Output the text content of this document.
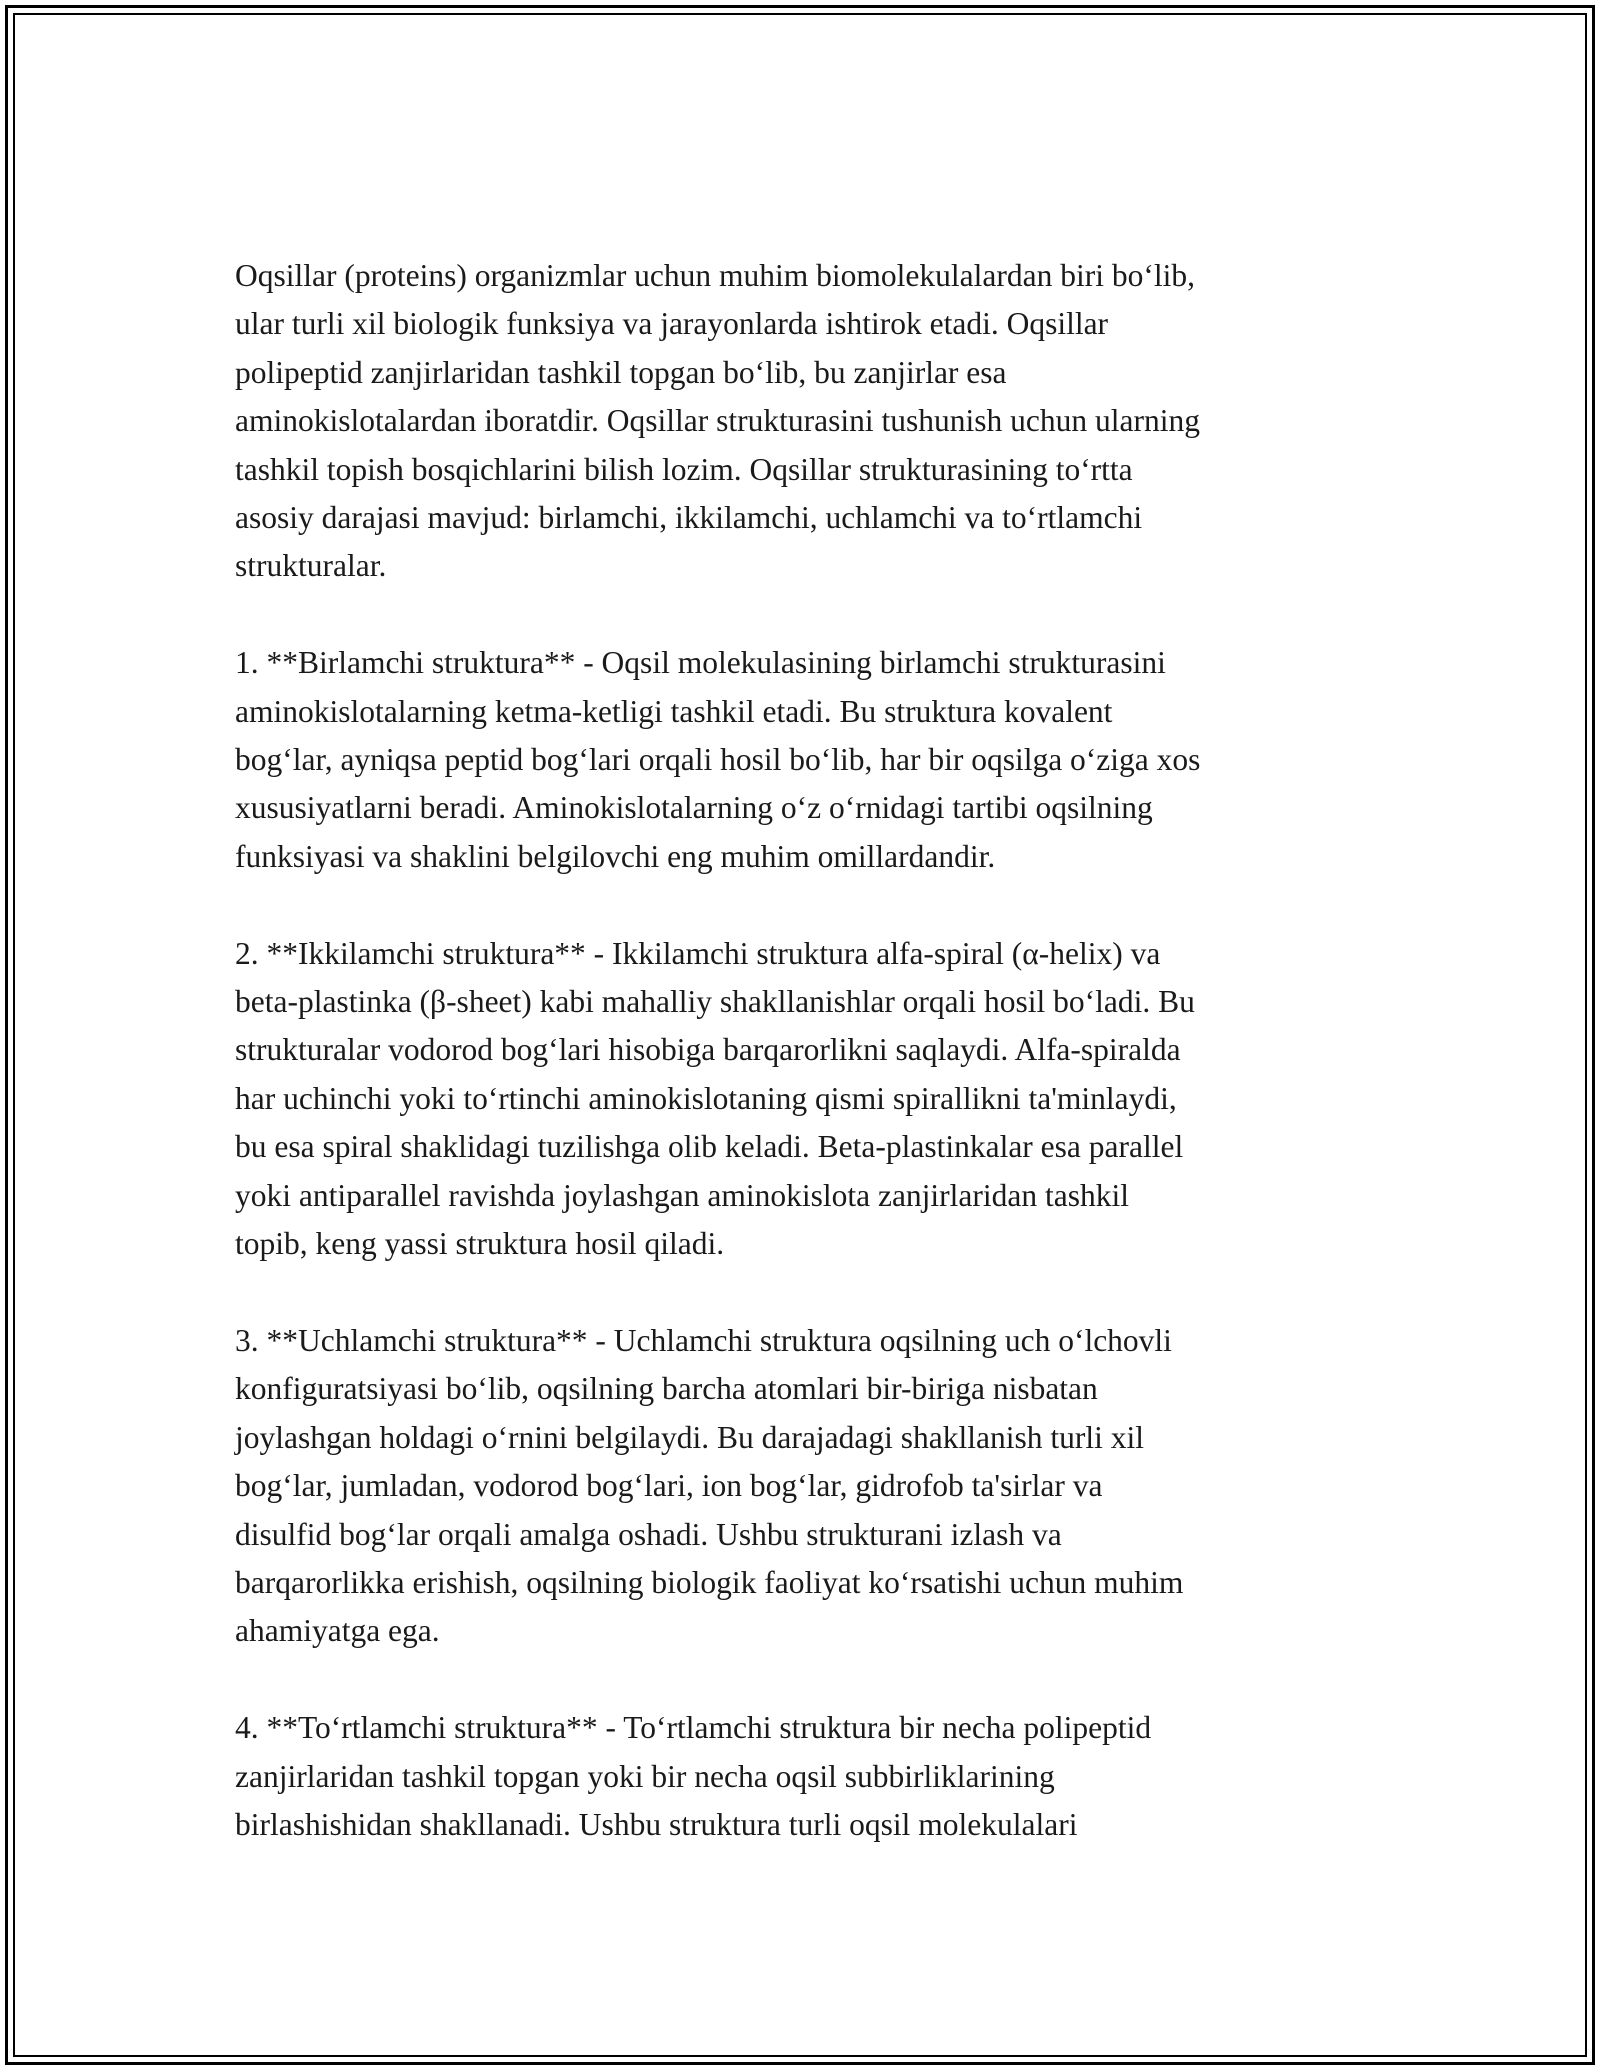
Oqsillar (proteins) organizmlar uchun muhim biomolekulalardan biri bo‘lib,
ular turli xil biologik funksiya va jarayonlarda ishtirok etadi. Oqsillar
polipeptid zanjirlaridan tashkil topgan bo‘lib, bu zanjirlar esa
aminokislotalardan iboratdir. Oqsillar strukturasini tushunish uchun ularning
tashkil topish bosqichlarini bilish lozim. Oqsillar strukturasining to‘rtta
asosiy darajasi mavjud: birlamchi, ikkilamchi, uchlamchi va to‘rtlamchi
strukturalar.
1. **Birlamchi struktura** - Oqsil molekulasining birlamchi strukturasini
aminokislotalarning ketma-ketligi tashkil etadi. Bu struktura kovalent
bog‘lar, ayniqsa peptid bog‘lari orqali hosil bo‘lib, har bir oqsilga o‘ziga xos
xususiyatlarni beradi. Aminokislotalarning o‘z o‘rnidagi tartibi oqsilning
funksiyasi va shaklini belgilovchi eng muhim omillardandir.
2. **Ikkilamchi struktura** - Ikkilamchi struktura alfa-spiral (α-helix) va
beta-plastinka (β-sheet) kabi mahalliy shakllanishlar orqali hosil bo‘ladi. Bu
strukturalar vodorod bog‘lari hisobiga barqarorlikni saqlaydi. Alfa-spiralda
har uchinchi yoki to‘rtinchi aminokislotaning qismi spirallikni ta'minlaydi,
bu esa spiral shaklidagi tuzilishga olib keladi. Beta-plastinkalar esa parallel
yoki antiparallel ravishda joylashgan aminokislota zanjirlaridan tashkil
topib, keng yassi struktura hosil qiladi.
3. **Uchlamchi struktura** - Uchlamchi struktura oqsilning uch o‘lchovli
konfiguratsiyasi bo‘lib, oqsilning barcha atomlari bir-biriga nisbatan
joylashgan holdagi o‘rnini belgilaydi. Bu darajadagi shakllanish turli xil
bog‘lar, jumladan, vodorod bog‘lari, ion bog‘lar, gidrofob ta'sirlar va
disulfid bog‘lar orqali amalga oshadi. Ushbu strukturani izlash va
barqarorlikka erishish, oqsilning biologik faoliyat ko‘rsatishi uchun muhim
ahamiyatga ega.
4. **To‘rtlamchi struktura** - To‘rtlamchi struktura bir necha polipeptid
zanjirlaridan tashkil topgan yoki bir necha oqsil subbirliklarining
birlashishidan shakllanadi. Ushbu struktura turli oqsil molekulalari
